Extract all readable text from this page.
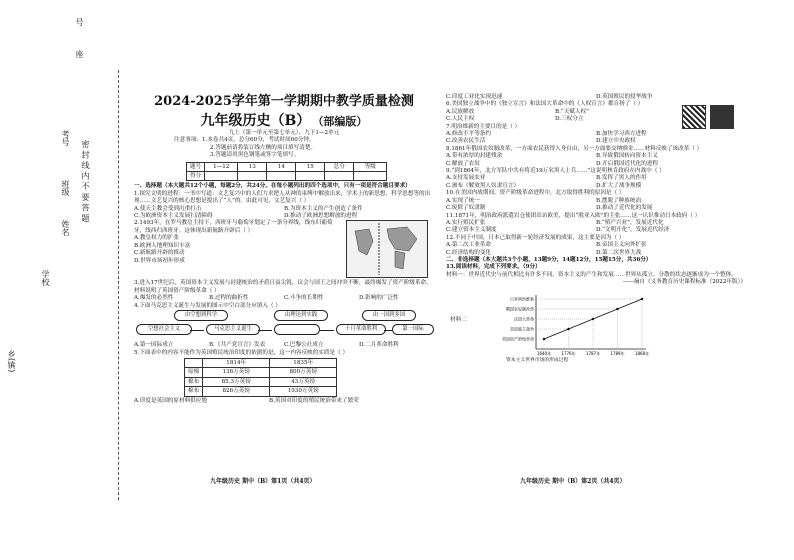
乡(镇)
学校
姓名
班级
考号
密 封 线 内 不 要 答 题
座
号
2024-2025学年第一学期期中教学质量检测
九年级历史（B） （部编版）
九上（第一单元至第七单元）、九下1—2单元
注意事项：1.本卷共4页，总分60分，考试时间60分钟。
2.答题前请将装订线左侧的项目填写清楚。
3.答题请用黑色钢笔或签字笔填写。
题号	1—12	13	14	15	总分	等级
得分						
一、选择题（本大题共12个小题，每题2分，共24分。在每小题列出的四个选项中，只有一项是符合题目要求）
1.探究文明的进程：一书中写道：文艺复兴中的人们力求把人从神的束缚中解放出来，学术上的新思想，科学思想等的出现……文艺复兴的核心思想是提出了“人”的。由此可见，文艺复兴（ ）
A.使天主教会受到沉重打击	B.为资本主义的产生创造了条件
C.为欧洲资本主义发展扫清障碍	D.推动了欧洲思想解放的进程
2.1493年，在罗马教皇主持下，西班牙与葡萄牙划定了一条分界线，线东归葡萄牙，线西归西班牙。这体现出新航路开辟后（ ）
A.教皇权力的扩张
B.欧洲人地理知识丰富
C.新航路开辟的推动
D.世界市场初步形成
3.进入17世纪后，英国资本主义发展与封建统治的矛盾日益尖锐，议会与国王之间冲突不断，最终爆发了资产阶级革命。材料说明了英国资产阶级革命（ ）
A.爆发的必然性	B.过程的曲折性	C.斗争的长期性	D.影响的广泛性
4.下面马克思主义诞生与发展的图示中空白部分应填入（ ）
由空想到科学	由理论到实践	由一国到多国
空想社会主义	马克思主义诞生	十月革命胜利	第一国际
A.第一国际成立	B.《共产党宣言》发表	C.巴黎公社成立	D.二月革命胜利
5.下面表中的内容不能作为英国殖民统治印度的依据的是，这一内容反映的实质是（ ）
	1814年	1835年
原棉	136万英镑	800万英镑
棉布	85.3万英镑	43万英镑
棉布	826万英镑	1930万英镑
A.印度是英国的原材料供应地	B.英国对印度的殖民统治带来了繁荣
九年级历史 期中（B）第1页（共4页）
C.印度工业化实现迅速	D.英国殖民的侵华战争
6.美国独立战争中的《独立宣言》和法国大革命中的《人权宣言》都宣扬了（ ）
A.民族解放	B.“天赋人权”
C.人民主权	D.三权分立
7.明治维新的主要目的是（ ）
A.修改不平等条约	B.加快学习西方进程
C.改善农民生活	D.建立中央政权
8.1861年俄国农奴制改革，一方面农民获得人身自由，另一方面要交纳赎金……材料反映了该改革（ ）
A.带有浓厚的封建残余	B.导致俄国转向资本主义
C.解放了农奴	D.开启俄国近代化的进程
9.“到1864年，北方军队中共有将近19万名黑人士兵……”这说明林肯政府在内战中（ ）
A.支持发展农业	B.发挥了黑人的作用
C.颁布《解放黑人奴隶宣言》	D.扩大了战争规模
10.在美国内战期间，资产阶级革命进程中，北方取得胜利的原因是（ ）
A.实现了统一	B.摆脱了种族统治
C.废除了奴隶制	D.推动了近代化的发展
11.1871年，明治政府派遣岩仓使团出访欧美，提出“脱亚入欧”的主张……这一认识推动日本政府（ ）
A.实行殖民扩张	B.“殖产兴业”，发展近代化
C.建立资本主义制度	D.“文明开化”，发展近代经济
12.不同于中国，日本已取得新一轮经济发展的成果，这主要是因为（ ）
A.第二次工业革命	B.帝国主义向外扩张
C.经济结构的变化	D.第二次世界大战
二、非选择题（本大题共3个小题，13题9分，14题12分，15题15分，共36分）
13.阅读材料，完成下列要求。（9分）
材料一：世界近代史与前代相比有许多不同，资本主义的产生和发展……世界从孤立、分散的状态逐渐成为一个整体。
——摘自《义务教育历史课程标准（2022年版）》
材料二
英国资产阶级革命
1640年
美国独立战争
1776年
法国大革命
1787年
俄国农奴制改革
1789年
日本明治维新
1868年
资本主义世界市场的形成过程
九年级历史 期中（B）第2页（共4页）
